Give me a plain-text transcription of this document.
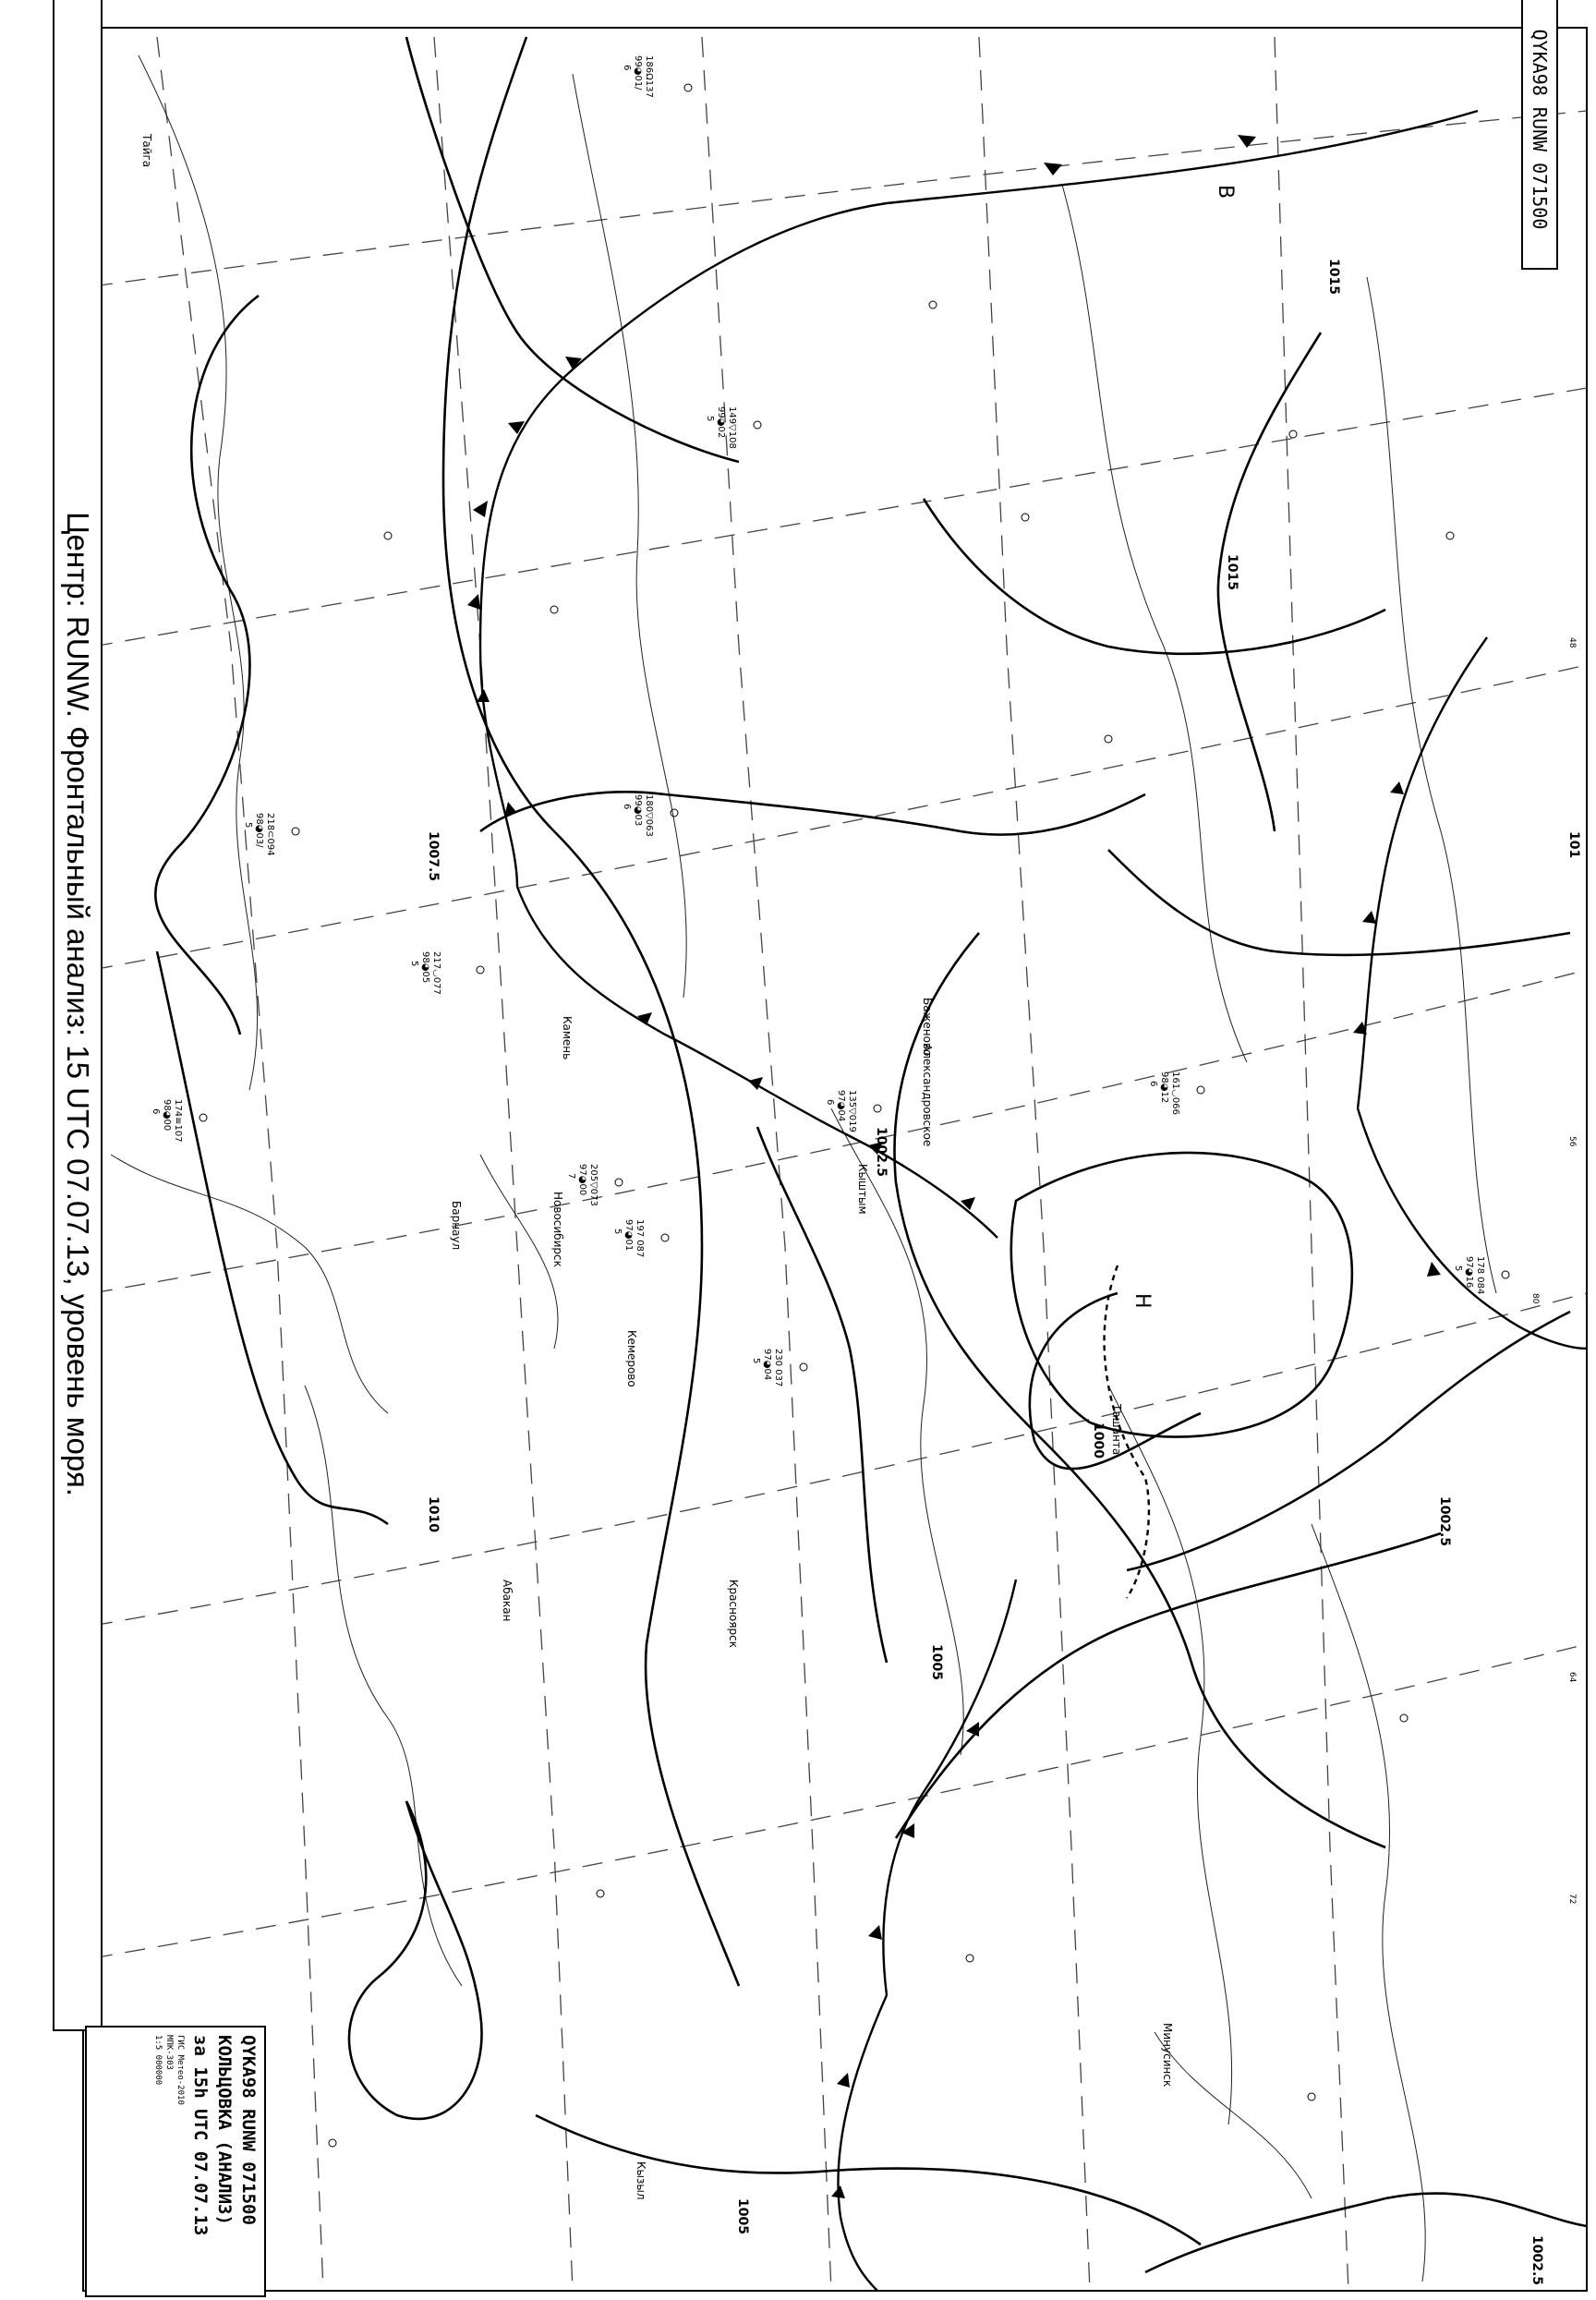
1015
1015
1010
1007.5
1005
1002.5
1002.5
1000
1005
1002.5
101
В
Н
48
56
64
72
80
Тайга
Баженово
Кыштым
Александровское
Новосибирск
Камень
Кемерово
Красноярск
Абакан
Минусинск
Кызыл
Ташанта
Барнаул
186Ω137
99◕01/
6
217◡077
98◕05
5
180▽063
99◕03
6
135▽019
97◕04
6
218⊂094
98◕03/
5
205▽073
97◕00
7
197 087
97◕01
5
230 037
97◕04
5
161◡066
98◕12
6
178 084
97◕16
5
149▽108
99◕02
5
174≡107
98◕00
6
Центр: RUNW. Фронтальный анализ: 15 UTC 07.07.13, уровень моря.
QYKA98 RUNW 071500
QYKA98 RUNW 071500
КОЛЬЦОВКА (АНАЛИЗ)
за 15h UTC 07.07.13
ГИС Метео-2010
МПК-303
1:5 000000
